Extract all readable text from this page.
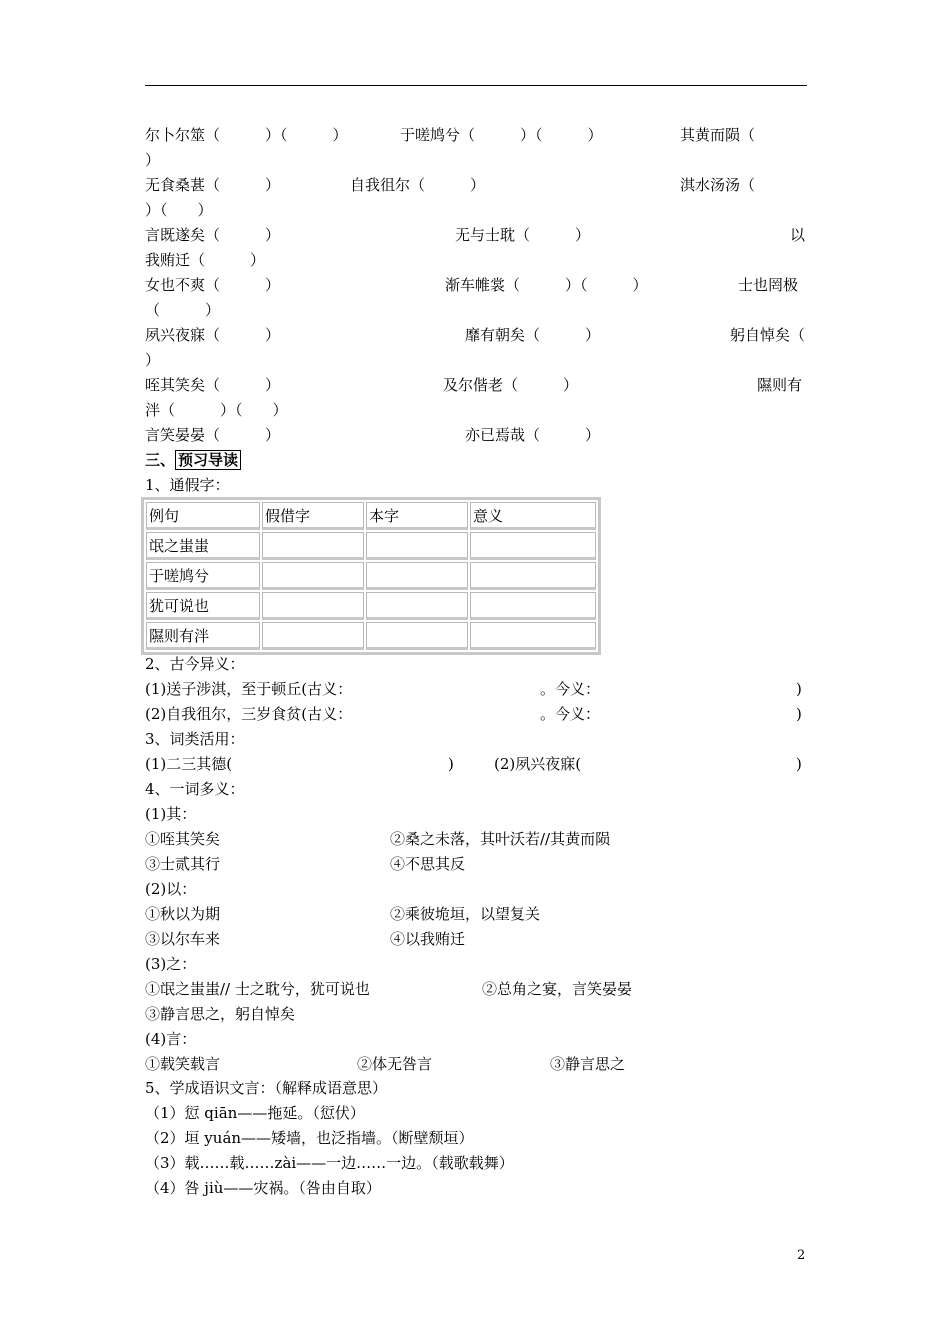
尔卜尔筮（　　　）（　　　）	于嗟鸠兮（　　　）（　　　）	其黄而陨（
）
无食桑葚（　　　）	自我徂尔（　　　）	淇水汤汤（
）（　　）
言既遂矣（　　　）	无与士耽（　　　）	以
我贿迁（　　　）
女也不爽（　　　）	渐车帷裳（　　　）（　　　）	士也罔极
（　　　）
夙兴夜寐（　　　）	靡有朝矣（　　　）	躬自悼矣（
）
咥其笑矣（　　　）	及尔偕老（　　　）	隰则有
泮（　　　）（　　）
言笑晏晏（　　　）	亦已焉哉（　　　）
三、 预习导读
1、通假字：
例句	假借字	本字	意义
氓之蚩蚩			
于嗟鸠兮			
犹可说也			
隰则有泮			
2、古今异义：
(1)送子涉淇，至于顿丘(古义：	。今义：	)
(2)自我徂尔，三岁食贫(古义：	。今义：	)
3、词类活用：
(1)二三其德(	)	(2)夙兴夜寐(	)
4、一词多义：
(1)其：
①咥其笑矣	②桑之未落，其叶沃若//其黄而陨
③士贰其行	④不思其反
(2)以：
①秋以为期	②乘彼垝垣，以望复关
③以尔车来	④以我贿迁
(3)之：
①氓之蚩蚩// 士之耽兮，犹可说也	②总角之宴，言笑晏晏
③静言思之，躬自悼矣
(4)言：
①载笑载言	②体无咎言	③静言思之
5、学成语识文言：（解释成语意思）
（1）愆 qiān——拖延。（愆伏）
（2）垣 yuán——矮墙，也泛指墙。（断壁颓垣）
（3）载……载……zài——一边……一边。（载歌载舞）
（4）咎 jiù——灾祸。（咎由自取）
2
